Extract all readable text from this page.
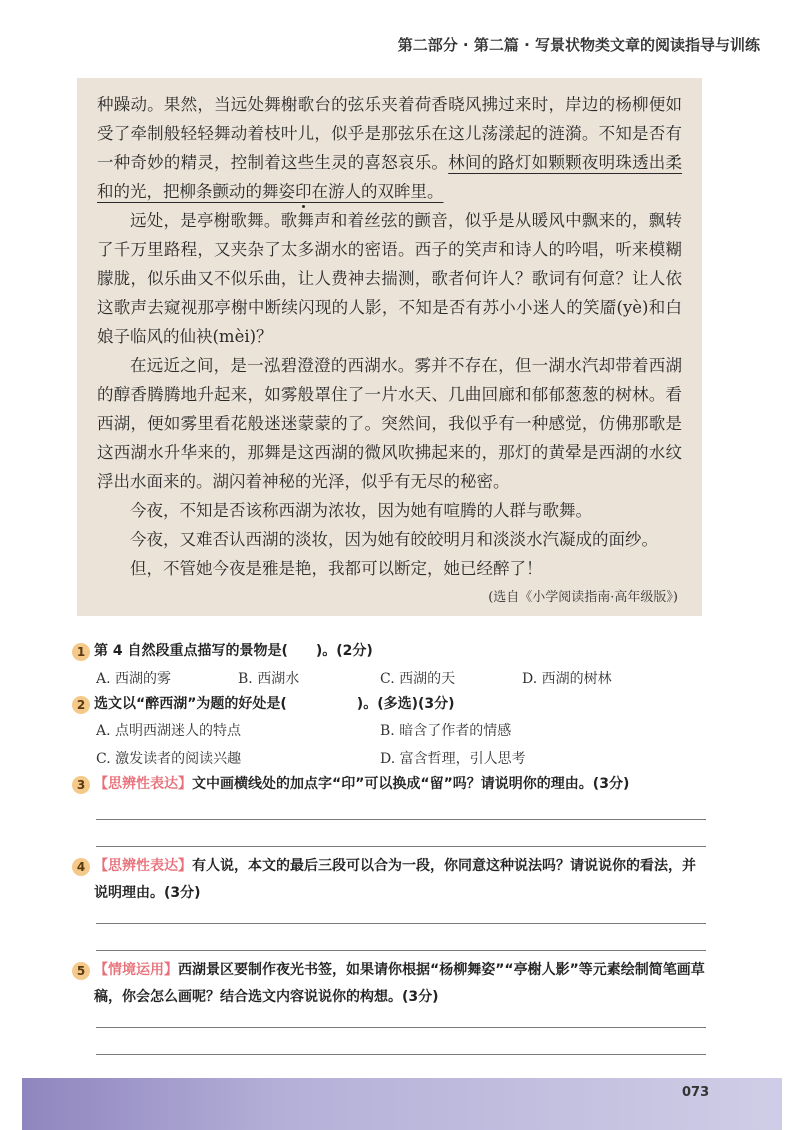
第二部分 · 第二篇 · 写景状物类文章的阅读指导与训练

种躁动。果然，当远处舞榭歌台的弦乐夹着荷香晓风拂过来时，岸边的杨柳便如受了牵制般轻轻舞动着枝叶儿，似乎是那弦乐在这儿荡漾起的涟漪。不知是否有一种奇妙的精灵，控制着这些生灵的喜怒哀乐。林间的路灯如颗颗夜明珠透出柔和的光，把柳条颤动的舞姿印在游人的双眸里。

远处，是亭榭歌舞。歌舞声和着丝弦的颤音，似乎是从暖风中飘来的，飘转了千万里路程，又夹杂了太多湖水的密语。西子的笑声和诗人的吟唱，听来模糊朦胧，似乐曲又不似乐曲，让人费神去揣测，歌者何许人？歌词有何意？让人依这歌声去窥视那亭榭中断续闪现的人影，不知是否有苏小小迷人的笑靥(yè)和白娘子临风的仙袂(mèi)？

在远近之间，是一泓碧澄澄的西湖水。雾并不存在，但一湖水汽却带着西湖的醇香腾腾地升起来，如雾般罩住了一片水天、几曲回廊和郁郁葱葱的树林。看西湖，便如雾里看花般迷迷蒙蒙的了。突然间，我似乎有一种感觉，仿佛那歌是这西湖水升华来的，那舞是这西湖的微风吹拂起来的，那灯的黄晕是西湖的水纹浮出水面来的。湖闪着神秘的光泽，似乎有无尽的秘密。

今夜，不知是否该称西湖为浓妆，因为她有喧腾的人群与歌舞。

今夜，又难否认西湖的淡妆，因为她有皎皎明月和淡淡水汽凝成的面纱。

但，不管她今夜是雅是艳，我都可以断定，她已经醉了！

(选自《小学阅读指南·高年级版》)
1 第 4 自然段重点描写的景物是(　　)。(2分)
A. 西湖的雾	B. 西湖水	C. 西湖的天	D. 西湖的树林
2 选文以“醉西湖”为题的好处是(　　　　　)。(多选)(3分)
A. 点明西湖迷人的特点	B. 暗含了作者的情感
C. 激发读者的阅读兴趣	D. 富含哲理，引人思考
3 【思辨性表达】文中画横线处的加点字“印”可以换成“留”吗？请说明你的理由。(3分)
4 【思辨性表达】有人说，本文的最后三段可以合为一段，你同意这种说法吗？请说说你的看法，并说明理由。(3分)
5 【情境运用】西湖景区要制作夜光书签，如果请你根据“杨柳舞姿”“亭榭人影”等元素绘制简笔画草稿，你会怎么画呢？结合选文内容说说你的构想。(3分)
073
